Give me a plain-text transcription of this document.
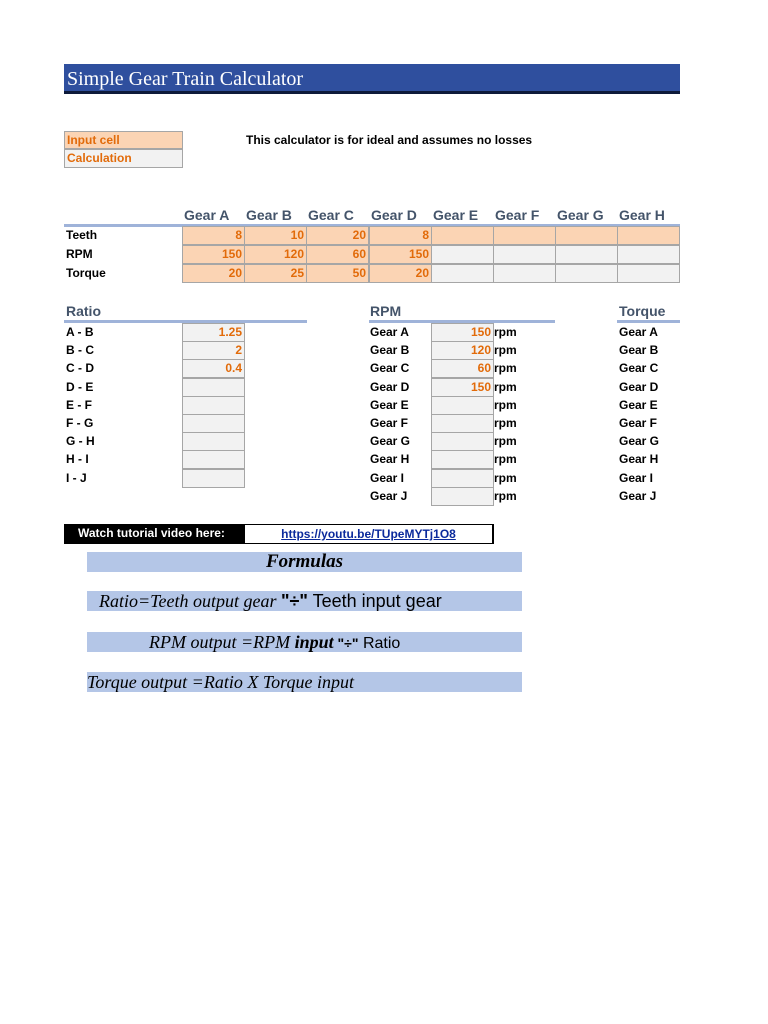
Simple Gear Train Calculator
Input cell
Calculation
This calculator is for ideal and assumes no losses
Gear A Gear B Gear C Gear D Gear E Gear F Gear G Gear H
Teeth	8	10	20	8
RPM	150	120	60	150
Torque	20	25	50	20
Ratio
A - B	1.25
B - C	2
C - D	0.4
D - E
E - F
F - G
G - H
H - I
I - J
RPM
Gear A	150 rpm
Gear B	120 rpm
Gear C	60 rpm
Gear D	150 rpm
Gear E	rpm
Gear F	rpm
Gear G	rpm
Gear H	rpm
Gear I	rpm
Gear J	rpm
Torque
Gear A
Gear B
Gear C
Gear D
Gear E
Gear F
Gear G
Gear H
Gear I
Gear J
Watch tutorial video here:	https://youtu.be/TUpeMYTj1O8
Formulas
Ratio=Teeth output gear "÷" Teeth input gear
RPM output =RPM input "÷" Ratio
Torque output =Ratio X Torque input
